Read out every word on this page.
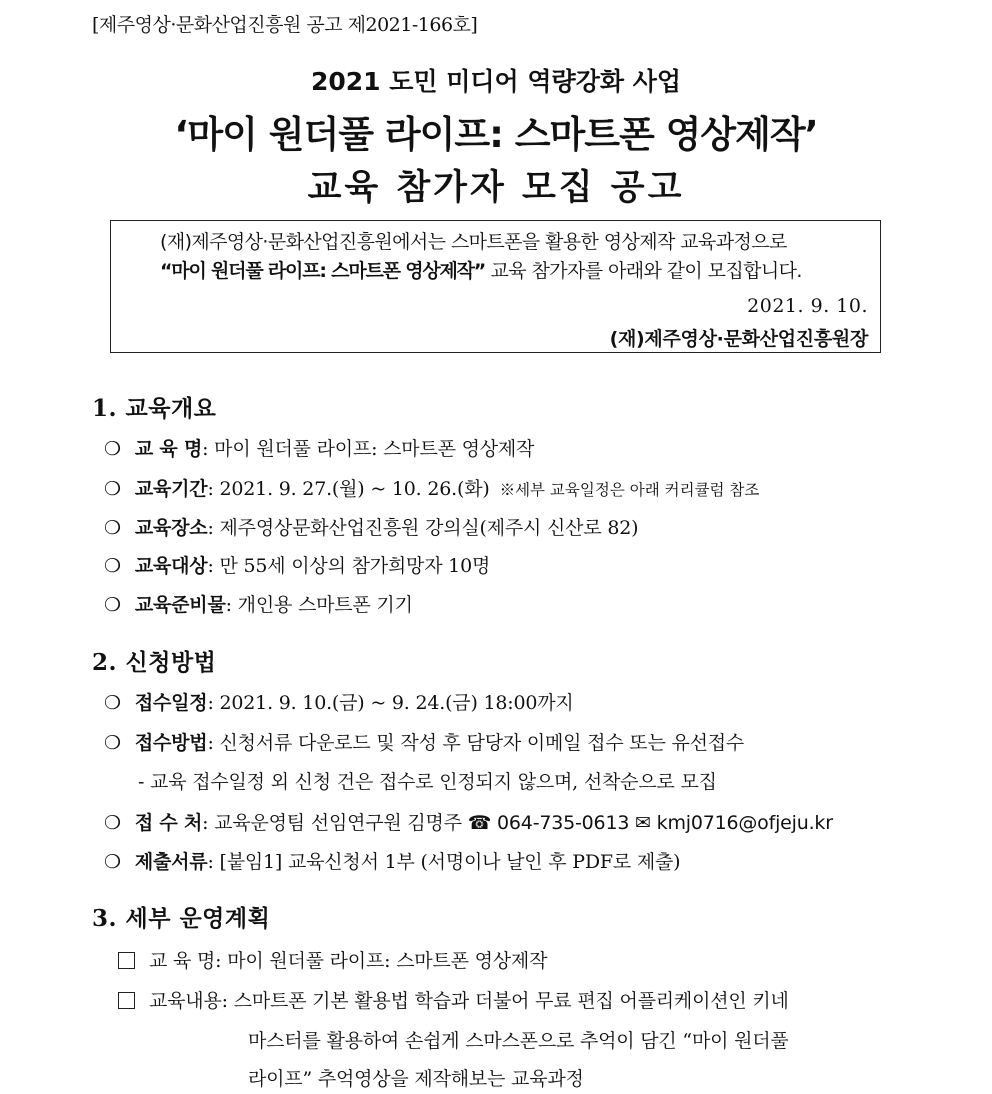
[제주영상·문화산업진흥원 공고 제2021-166호]
2021 도민 미디어 역량강화 사업
‘마이 원더풀 라이프: 스마트폰 영상제작’
교육 참가자 모집 공고
(재)제주영상·문화산업진흥원에서는 스마트폰을 활용한 영상제작 교육과정으로
“마이 원더풀 라이프: 스마트폰 영상제작” 교육 참가자를 아래와 같이 모집합니다.
2021. 9. 10.
(재)제주영상·문화산업진흥원장
1. 교육개요
❍ 교 육 명: 마이 원더풀 라이프: 스마트폰 영상제작
❍ 교육기간: 2021. 9. 27.(월) ~ 10. 26.(화) ※세부 교육일정은 아래 커리큘럼 참조
❍ 교육장소: 제주영상문화산업진흥원 강의실(제주시 신산로 82)
❍ 교육대상: 만 55세 이상의 참가희망자 10명
❍ 교육준비물: 개인용 스마트폰 기기
2. 신청방법
❍ 접수일정: 2021. 9. 10.(금) ~ 9. 24.(금) 18:00까지
❍ 접수방법: 신청서류 다운로드 및 작성 후 담당자 이메일 접수 또는 유선접수
- 교육 접수일정 외 신청 건은 접수로 인정되지 않으며, 선착순으로 모집
❍ 접 수 처: 교육운영팀 선임연구원 김명주 ☎ 064-735-0613 ✉ kmj0716@ofjeju.kr
❍ 제출서류: [붙임1] 교육신청서 1부 (서명이나 날인 후 PDF로 제출)
3. 세부 운영계획
교 육 명: 마이 원더풀 라이프: 스마트폰 영상제작
교육내용: 스마트폰 기본 활용법 학습과 더불어 무료 편집 어플리케이션인 키네
마스터를 활용하여 손쉽게 스마스폰으로 추억이 담긴 “마이 원더풀
라이프” 추억영상을 제작해보는 교육과정
